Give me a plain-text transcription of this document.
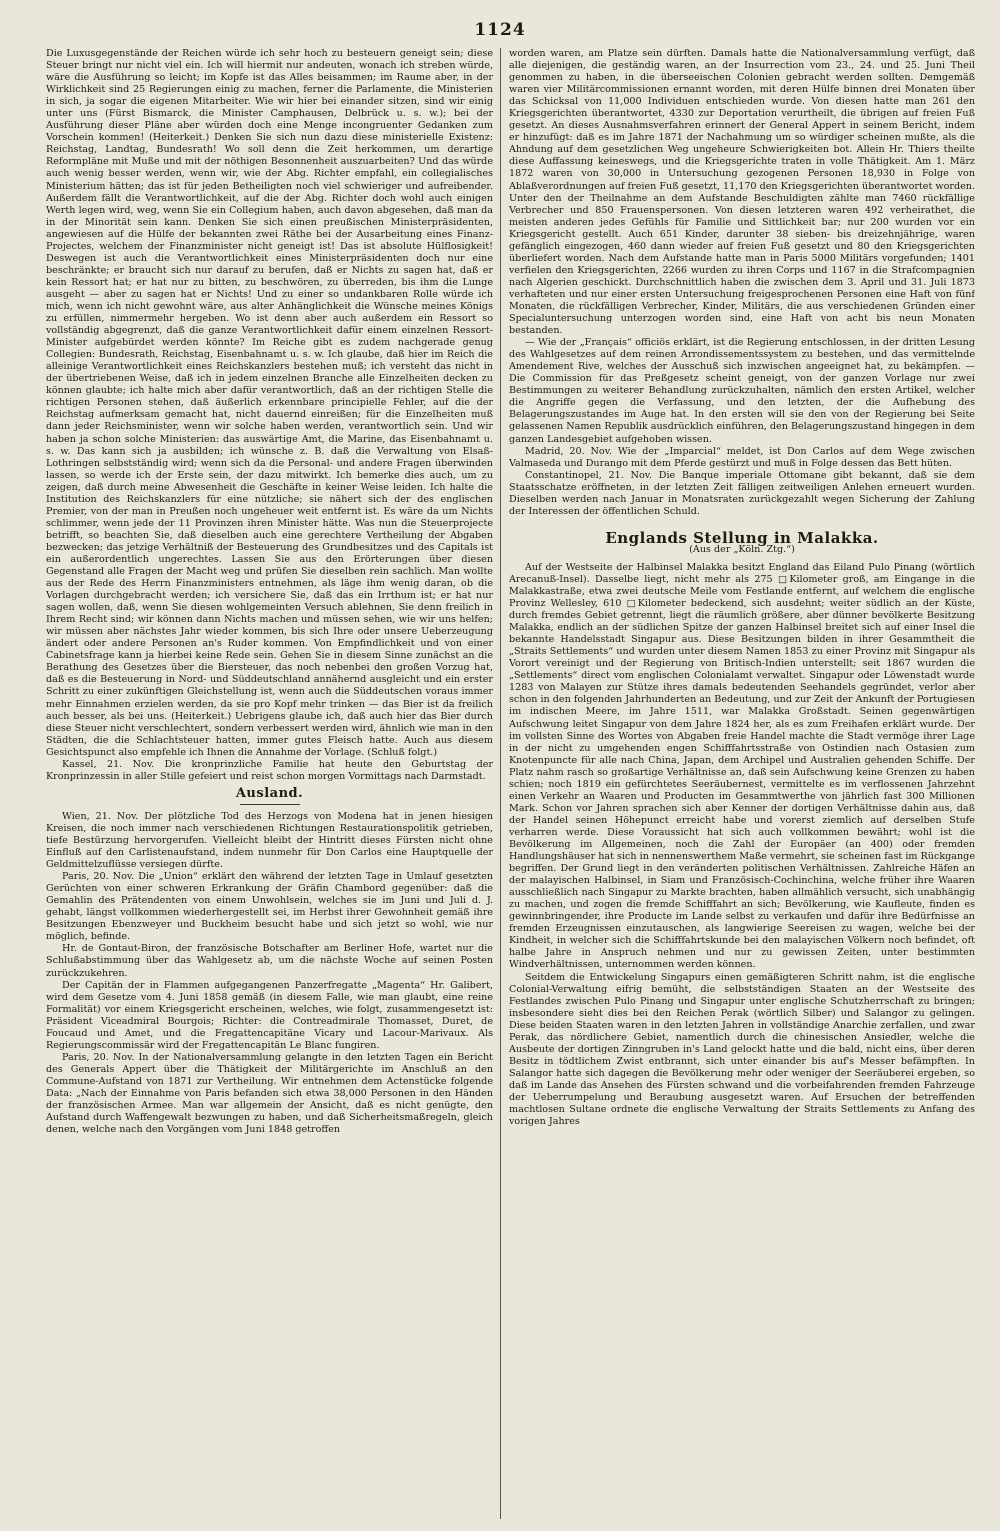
1124

Die Luxusgegenstände der Reichen würde ich sehr hoch zu besteuern geneigt sein; diese Steuer bringt nur nicht viel ein. Ich will hiermit nur andeuten, wonach ich streben würde, wäre die Ausführung so leicht; im Kopfe ist das Alles beisammen; im Raume aber, in der Wirklichkeit sind 25 Regierungen einig zu machen, ferner die Parlamente, die Ministerien in sich, ja sogar die eigenen Mitarbeiter. Wie wir hier bei einander sitzen, sind wir einig unter uns (Fürst Bismarck, die Minister Camphausen, Delbrück u. s. w.); bei der Ausführung dieser Pläne aber würden doch eine Menge incongruenter Gedanken zum Vorschein kommen! (Heiterkeit.) Denken Sie sich nun dazu diese ministerielle Existenz: Reichstag, Landtag, Bundesrath! Wo soll denn die Zeit herkommen, um derartige Reformpläne mit Muße und mit der nöthigen Besonnenheit auszuarbeiten? Und das würde auch wenig besser werden, wenn wir, wie der Abg. Richter empfahl, ein collegialisches Ministerium hätten; das ist für jeden Betheiligten noch viel schwieriger und aufreibender. Außerdem fällt die Verantwortlichkeit, auf die der Abg. Richter doch wohl auch einigen Werth legen wird, weg, wenn Sie ein Collegium haben, auch davon abgesehen, daß man da in der Minorität sein kann. Denken Sie sich einen preußischen Ministerpräsidenten, angewiesen auf die Hülfe der bekannten zwei Räthe bei der Ausarbeitung eines Finanz-Projectes, welchem der Finanzminister nicht geneigt ist! Das ist absolute Hülflosigkeit! Deswegen ist auch die Verantwortlichkeit eines Ministerpräsidenten doch nur eine beschränkte; er braucht sich nur darauf zu berufen, daß er Nichts zu sagen hat, daß er kein Ressort hat; er hat nur zu bitten, zu beschwören, zu überreden, bis ihm die Lunge ausgeht — aber zu sagen hat er Nichts! Und zu einer so undankbaren Rolle würde ich mich, wenn ich nicht gewohnt wäre, aus alter Anhänglichkeit die Wünsche meines Königs zu erfüllen, nimmermehr hergeben. Wo ist denn aber auch außerdem ein Ressort so vollständig abgegrenzt, daß die ganze Verantwortlichkeit dafür einem einzelnen Ressort-Minister aufgebürdet werden könnte? Im Reiche gibt es zudem nachgerade genug Collegien: Bundesrath, Reichstag, Eisenbahnamt u. s. w. Ich glaube, daß hier im Reich die alleinige Verantwortlichkeit eines Reichskanzlers bestehen muß; ich versteht das nicht in der übertriebenen Weise, daß ich in jedem einzelnen Branche alle Einzelheiten decken zu können glaubte; ich halte mich aber dafür verantwortlich, daß an der richtigen Stelle die richtigen Personen stehen, daß äußerlich erkennbare principielle Fehler, auf die der Reichstag aufmerksam gemacht hat, nicht dauernd einreißen; für die Einzelheiten muß dann jeder Reichsminister, wenn wir solche haben werden, verantwortlich sein. Und wir haben ja schon solche Ministerien: das auswärtige Amt, die Marine, das Eisenbahnamt u. s. w. Das kann sich ja ausbilden; ich wünsche z. B. daß die Verwaltung von Elsaß-Lothringen selbstständig wird; wenn sich da die Personal- und andere Fragen überwinden lassen, so werde ich der Erste sein, der dazu mitwirkt. Ich bemerke dies auch, um zu zeigen, daß durch meine Abwesenheit die Geschäfte in keiner Weise leiden. Ich halte die Institution des Reichskanzlers für eine nützliche; sie nähert sich der des englischen Premier, von der man in Preußen noch ungeheuer weit entfernt ist. Es wäre da um Nichts schlimmer, wenn jede der 11 Provinzen ihren Minister hätte. Was nun die Steuerprojecte betrifft, so beachten Sie, daß dieselben auch eine gerechtere Vertheilung der Abgaben bezwecken; das jetzige Verhältniß der Besteuerung des Grundbesitzes und des Capitals ist ein außerordentlich ungerechtes. Lassen Sie aus den Erörterungen über diesen Gegenstand alle Fragen der Macht weg und prüfen Sie dieselben rein sachlich. Man wollte aus der Rede des Herrn Finanzministers entnehmen, als läge ihm wenig daran, ob die Vorlagen durchgebracht werden; ich versichere Sie, daß das ein Irrthum ist; er hat nur sagen wollen, daß, wenn Sie diesen wohlgemeinten Versuch ablehnen, Sie denn freilich in Ihrem Recht sind; wir können dann Nichts machen und müssen sehen, wie wir uns helfen; wir müssen aber nächstes Jahr wieder kommen, bis sich Ihre oder unsere Ueberzeugung ändert oder andere Personen an's Ruder kommen. Von Empfindlichkeit und von einer Cabinetsfrage kann ja hierbei keine Rede sein. Gehen Sie in diesem Sinne zunächst an die Berathung des Gesetzes über die Biersteuer, das noch nebenbei den großen Vorzug hat, daß es die Besteuerung in Nord- und Süddeutschland annähernd ausgleicht und ein erster Schritt zu einer zukünftigen Gleichstellung ist, wenn auch die Süddeutschen voraus immer mehr Einnahmen erzielen werden, da sie pro Kopf mehr trinken — das Bier ist da freilich auch besser, als bei uns. (Heiterkeit.) Uebrigens glaube ich, daß auch hier das Bier durch diese Steuer nicht verschlechtert, sondern verbessert werden wird, ähnlich wie man in den Städten, die die Schlachtsteuer hatten, immer gutes Fleisch hatte. Auch aus diesem Gesichtspunct also empfehle ich Ihnen die Annahme der Vorlage. (Schluß folgt.)

Kassel, 21. Nov. Die kronprinzliche Familie hat heute den Geburtstag der Kronprinzessin in aller Stille gefeiert und reist schon morgen Vormittags nach Darmstadt.

Ausland.

Wien, 21. Nov. Der plötzliche Tod des Herzogs von Modena hat in jenen hiesigen Kreisen, die noch immer nach verschiedenen Richtungen Restaurationspolitik getrieben, tiefe Bestürzung hervorgerufen. Vielleicht bleibt der Hintritt dieses Fürsten nicht ohne Einfluß auf den Carlistenaufstand, indem nunmehr für Don Carlos eine Hauptquelle der Geldmittelzuflüsse versiegen dürfte.

Paris, 20. Nov. Die „Union“ erklärt den während der letzten Tage in Umlauf gesetzten Gerüchten von einer schweren Erkrankung der Gräfin Chambord gegenüber: daß die Gemahlin des Prätendenten von einem Unwohlsein, welches sie im Juni und Juli d. J. gehabt, längst vollkommen wiederhergestellt sei, im Herbst ihrer Gewohnheit gemäß ihre Besitzungen Ebenzweyer und Buckheim besucht habe und sich jetzt so wohl, wie nur möglich, befinde.

Hr. de Gontaut-Biron, der französische Botschafter am Berliner Hofe, wartet nur die Schlußabstimmung über das Wahlgesetz ab, um die nächste Woche auf seinen Posten zurückzukehren.

Der Capitän der in Flammen aufgegangenen Panzerfregatte „Magenta“ Hr. Galibert, wird dem Gesetze vom 4. Juni 1858 gemäß (in diesem Falle, wie man glaubt, eine reine Formalität) vor einem Kriegsgericht erscheinen, welches, wie folgt, zusammengesetzt ist: Präsident Viceadmiral Bourgois; Richter: die Contreadmirale Thomasset, Duret, de Foucaud und Amet, und die Fregattencapitäne Vicary und Lacour-Marivaux. Als Regierungscommissär wird der Fregattencapitän Le Blanc fungiren.

Paris, 20. Nov. In der Nationalversammlung gelangte in den letzten Tagen ein Bericht des Generals Appert über die Thätigkeit der Militärgerichte im Anschluß an den Commune-Aufstand von 1871 zur Vertheilung. Wir entnehmen dem Actenstücke folgende Data: „Nach der Einnahme von Paris befanden sich etwa 38,000 Personen in den Händen der französischen Armee. Man war allgemein der Ansicht, daß es nicht genügte, den Aufstand durch Waffengewalt bezwungen zu haben, und daß Sicherheitsmaßregeln, gleich denen, welche nach den Vorgängen vom Juni 1848 getroffen

worden waren, am Platze sein dürften. Damals hatte die Nationalversammlung verfügt, daß alle diejenigen, die geständig waren, an der Insurrection vom 23., 24. und 25. Juni Theil genommen zu haben, in die überseeischen Colonien gebracht werden sollten. Demgemäß waren vier Militärcommissionen ernannt worden, mit deren Hülfe binnen drei Monaten über das Schicksal von 11,000 Individuen entschieden wurde. Von diesen hatte man 261 den Kriegsgerichten überantwortet, 4330 zur Deportation verurtheilt, die übrigen auf freien Fuß gesetzt. An dieses Ausnahmsverfahren erinnert der General Appert in seinem Bericht, indem er hinzufügt: daß es im Jahre 1871 der Nachahmung um so würdiger scheinen mußte, als die Ahndung auf dem gesetzlichen Weg ungeheure Schwierigkeiten bot. Allein Hr. Thiers theilte diese Auffassung keineswegs, und die Kriegsgerichte traten in volle Thätigkeit. Am 1. März 1872 waren von 30,000 in Untersuchung gezogenen Personen 18,930 in Folge von Ablaßverordnungen auf freien Fuß gesetzt, 11,170 den Kriegsgerichten überantwortet worden. Unter den der Theilnahme an dem Aufstande Beschuldigten zählte man 7460 rückfällige Verbrecher und 850 Frauenspersonen. Von diesen letzteren waren 492 verheirathet, die meisten anderen jedes Gefühls für Familie und Sittlichkeit bar; nur 200 wurden vor ein Kriegsgericht gestellt. Auch 651 Kinder, darunter 38 sieben- bis dreizehnjährige, waren gefänglich eingezogen, 460 dann wieder auf freien Fuß gesetzt und 80 den Kriegsgerichten überliefert worden. Nach dem Aufstande hatte man in Paris 5000 Militärs vorgefunden; 1401 verfielen den Kriegsgerichten, 2266 wurden zu ihren Corps und 1167 in die Strafcompagnien nach Algerien geschickt. Durchschnittlich haben die zwischen dem 3. April und 31. Juli 1873 verhafteten und nur einer ersten Untersuchung freigesprochenen Personen eine Haft von fünf Monaten, die rückfälligen Verbrecher, Kinder, Militärs, die aus verschiedenen Gründen einer Specialuntersuchung unterzogen worden sind, eine Haft von acht bis neun Monaten bestanden.

— Wie der „Français“ officiös erklärt, ist die Regierung entschlossen, in der dritten Lesung des Wahlgesetzes auf dem reinen Arrondissementssystem zu bestehen, und das vermittelnde Amendement Rive, welches der Ausschuß sich inzwischen angeeignet hat, zu bekämpfen. — Die Commission für das Preßgesetz scheint geneigt, von der ganzen Vorlage nur zwei Bestimmungen zu weiterer Behandlung zurückzuhalten, nämlich den ersten Artikel, welcher die Angriffe gegen die Verfassung, und den letzten, der die Aufhebung des Belagerungszustandes im Auge hat. In den ersten will sie den von der Regierung bei Seite gelassenen Namen Republik ausdrücklich einführen, den Belagerungszustand hingegen in dem ganzen Landesgebiet aufgehoben wissen.

Madrid, 20. Nov. Wie der „Imparcial“ meldet, ist Don Carlos auf dem Wege zwischen Valmaseda und Durango mit dem Pferde gestürzt und muß in Folge dessen das Bett hüten.

Constantinopel, 21. Nov. Die Banque imperiale Ottomane gibt bekannt, daß sie dem Staatsschatze eröffneten, in der letzten Zeit fälligen zeitweiligen Anlehen erneuert wurden. Dieselben werden nach Januar in Monatsraten zurückgezahlt wegen Sicherung der Zahlung der Interessen der öffentlichen Schuld.

Englands Stellung in Malakka.
(Aus der „Köln. Ztg.“)

Auf der Westseite der Halbinsel Malakka besitzt England das Eiland Pulo Pinang (wörtlich Arecanuß-Insel). Dasselbe liegt, nicht mehr als 275 □Kilometer groß, am Eingange in die Malakkastraße, etwa zwei deutsche Meile vom Festlande entfernt, auf welchem die englische Provinz Wellesley, 610 □Kilometer bedeckend, sich ausdehnt; weiter südlich an der Küste, durch fremdes Gebiet getrennt, liegt die räumlich größere, aber dünner bevölkerte Besitzung Malakka, endlich an der südlichen Spitze der ganzen Halbinsel breitet sich auf einer Insel die bekannte Handelsstadt Singapur aus. Diese Besitzungen bilden in ihrer Gesammtheit die „Straits Settlements“ und wurden unter diesem Namen 1853 zu einer Provinz mit Singapur als Vorort vereinigt und der Regierung von Britisch-Indien unterstellt; seit 1867 wurden die „Settlements“ direct vom englischen Colonialamt verwaltet. Singapur oder Löwenstadt wurde 1283 von Malayen zur Stütze ihres damals bedeutenden Seehandels gegründet, verlor aber schon in den folgenden Jahrhunderten an Bedeutung, und zur Zeit der Ankunft der Portugiesen im indischen Meere, im Jahre 1511, war Malakka Großstadt. Seinen gegenwärtigen Aufschwung leitet Singapur von dem Jahre 1824 her, als es zum Freihafen erklärt wurde. Der im vollsten Sinne des Wortes von Abgaben freie Handel machte die Stadt vermöge ihrer Lage in der nicht zu umgehenden engen Schifffahrtsstraße von Ostindien nach Ostasien zum Knotenpuncte für alle nach China, Japan, dem Archipel und Australien gehenden Schiffe. Der Platz nahm rasch so großartige Verhältnisse an, daß sein Aufschwung keine Grenzen zu haben schien; noch 1819 ein gefürchtetes Seeräubernest, vermittelte es im verflossenen Jahrzehnt einen Verkehr an Waaren und Producten im Gesammtwerthe von jährlich fast 300 Millionen Mark. Schon vor Jahren sprachen sich aber Kenner der dortigen Verhältnisse dahin aus, daß der Handel seinen Höhepunct erreicht habe und vorerst ziemlich auf derselben Stufe verharren werde. Diese Voraussicht hat sich auch vollkommen bewährt; wohl ist die Bevölkerung im Allgemeinen, noch die Zahl der Europäer (an 400) oder fremden Handlungshäuser hat sich in nennenswerthem Maße vermehrt, sie scheinen fast im Rückgange begriffen. Der Grund liegt in den veränderten politischen Verhältnissen. Zahlreiche Häfen an der malayischen Halbinsel, in Siam und Französisch-Cochinchina, welche früher ihre Waaren ausschließlich nach Singapur zu Markte brachten, haben allmählich versucht, sich unabhängig zu machen, und zogen die fremde Schifffahrt an sich; Bevölkerung, wie Kaufleute, finden es gewinnbringender, ihre Producte im Lande selbst zu verkaufen und dafür ihre Bedürfnisse an fremden Erzeugnissen einzutauschen, als langwierige Seereisen zu wagen, welche bei der Kindheit, in welcher sich die Schifffahrtskunde bei den malayischen Völkern noch befindet, oft halbe Jahre in Anspruch nehmen und nur zu gewissen Zeiten, unter bestimmten Windverhältnissen, unternommen werden können.

Seitdem die Entwickelung Singapurs einen gemäßigteren Schritt nahm, ist die englische Colonial-Verwaltung eifrig bemüht, die selbstständigen Staaten an der Westseite des Festlandes zwischen Pulo Pinang und Singapur unter englische Schutzherrschaft zu bringen; insbesondere sieht dies bei den Reichen Perak (wörtlich Silber) und Salangor zu gelingen. Diese beiden Staaten waren in den letzten Jahren in vollständige Anarchie zerfallen, und zwar Perak, das nördlichere Gebiet, namentlich durch die chinesischen Ansiedler, welche die Ausbeute der dortigen Zinngruben in's Land gelockt hatte und die bald, nicht eins, über deren Besitz in tödtlichem Zwist entbrannt, sich unter einander bis auf's Messer befämpften. In Salangor hatte sich dagegen die Bevölkerung mehr oder weniger der Seeräuberei ergeben, so daß im Lande das Ansehen des Fürsten schwand und die vorbeifahrenden fremden Fahrzeuge der Ueberrumpelung und Beraubung ausgesetzt waren. Auf Ersuchen der betreffenden machtlosen Sultane ordnete die englische Verwaltung der Straits Settlements zu Anfang des vorigen Jahres
